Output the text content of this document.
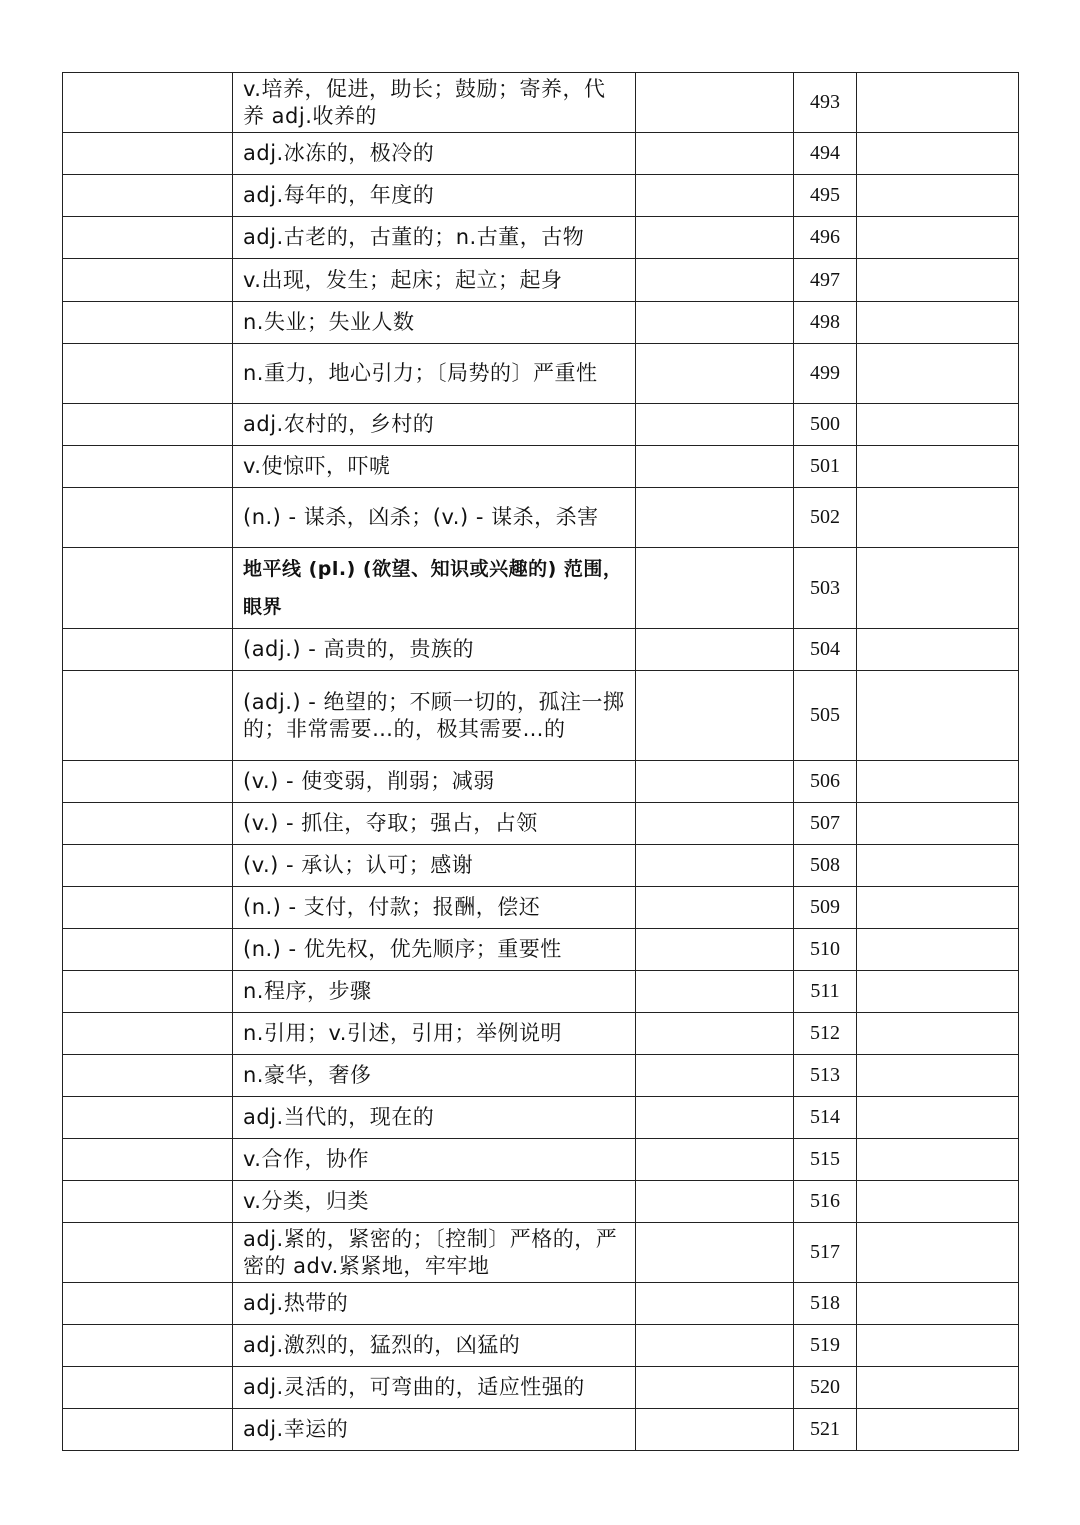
	v.培养，促进，助长；鼓励；寄养，代养 adj.收养的		493	
	adj.冰冻的，极冷的		494	
	adj.每年的，年度的		495	
	adj.古老的，古董的；n.古董，古物		496	
	v.出现，发生；起床；起立；起身		497	
	n.失业；失业人数		498	
	n.重力，地心引力；〔局势的〕严重性		499	
	adj.农村的，乡村的		500	
	v.使惊吓，吓唬		501	
	(n.) - 谋杀，凶杀；(v.) - 谋杀，杀害		502	
	地平线 (pl.) (欲望、知识或兴趣的) 范围，眼界		503	
	(adj.) - 高贵的，贵族的		504	
	(adj.) - 绝望的；不顾一切的，孤注一掷的；非常需要…的，极其需要…的		505	
	(v.) - 使变弱，削弱；减弱		506	
	(v.) - 抓住，夺取；强占，占领		507	
	(v.) - 承认；认可；感谢		508	
	(n.) - 支付，付款；报酬，偿还		509	
	(n.) - 优先权，优先顺序；重要性		510	
	n.程序，步骤		511	
	n.引用；v.引述，引用；举例说明		512	
	n.豪华，奢侈		513	
	adj.当代的，现在的		514	
	v.合作，协作		515	
	v.分类，归类		516	
	adj.紧的，紧密的；〔控制〕严格的，严密的 adv.紧紧地，牢牢地		517	
	adj.热带的		518	
	adj.激烈的，猛烈的，凶猛的		519	
	adj.灵活的，可弯曲的，适应性强的		520	
	adj.幸运的		521	
